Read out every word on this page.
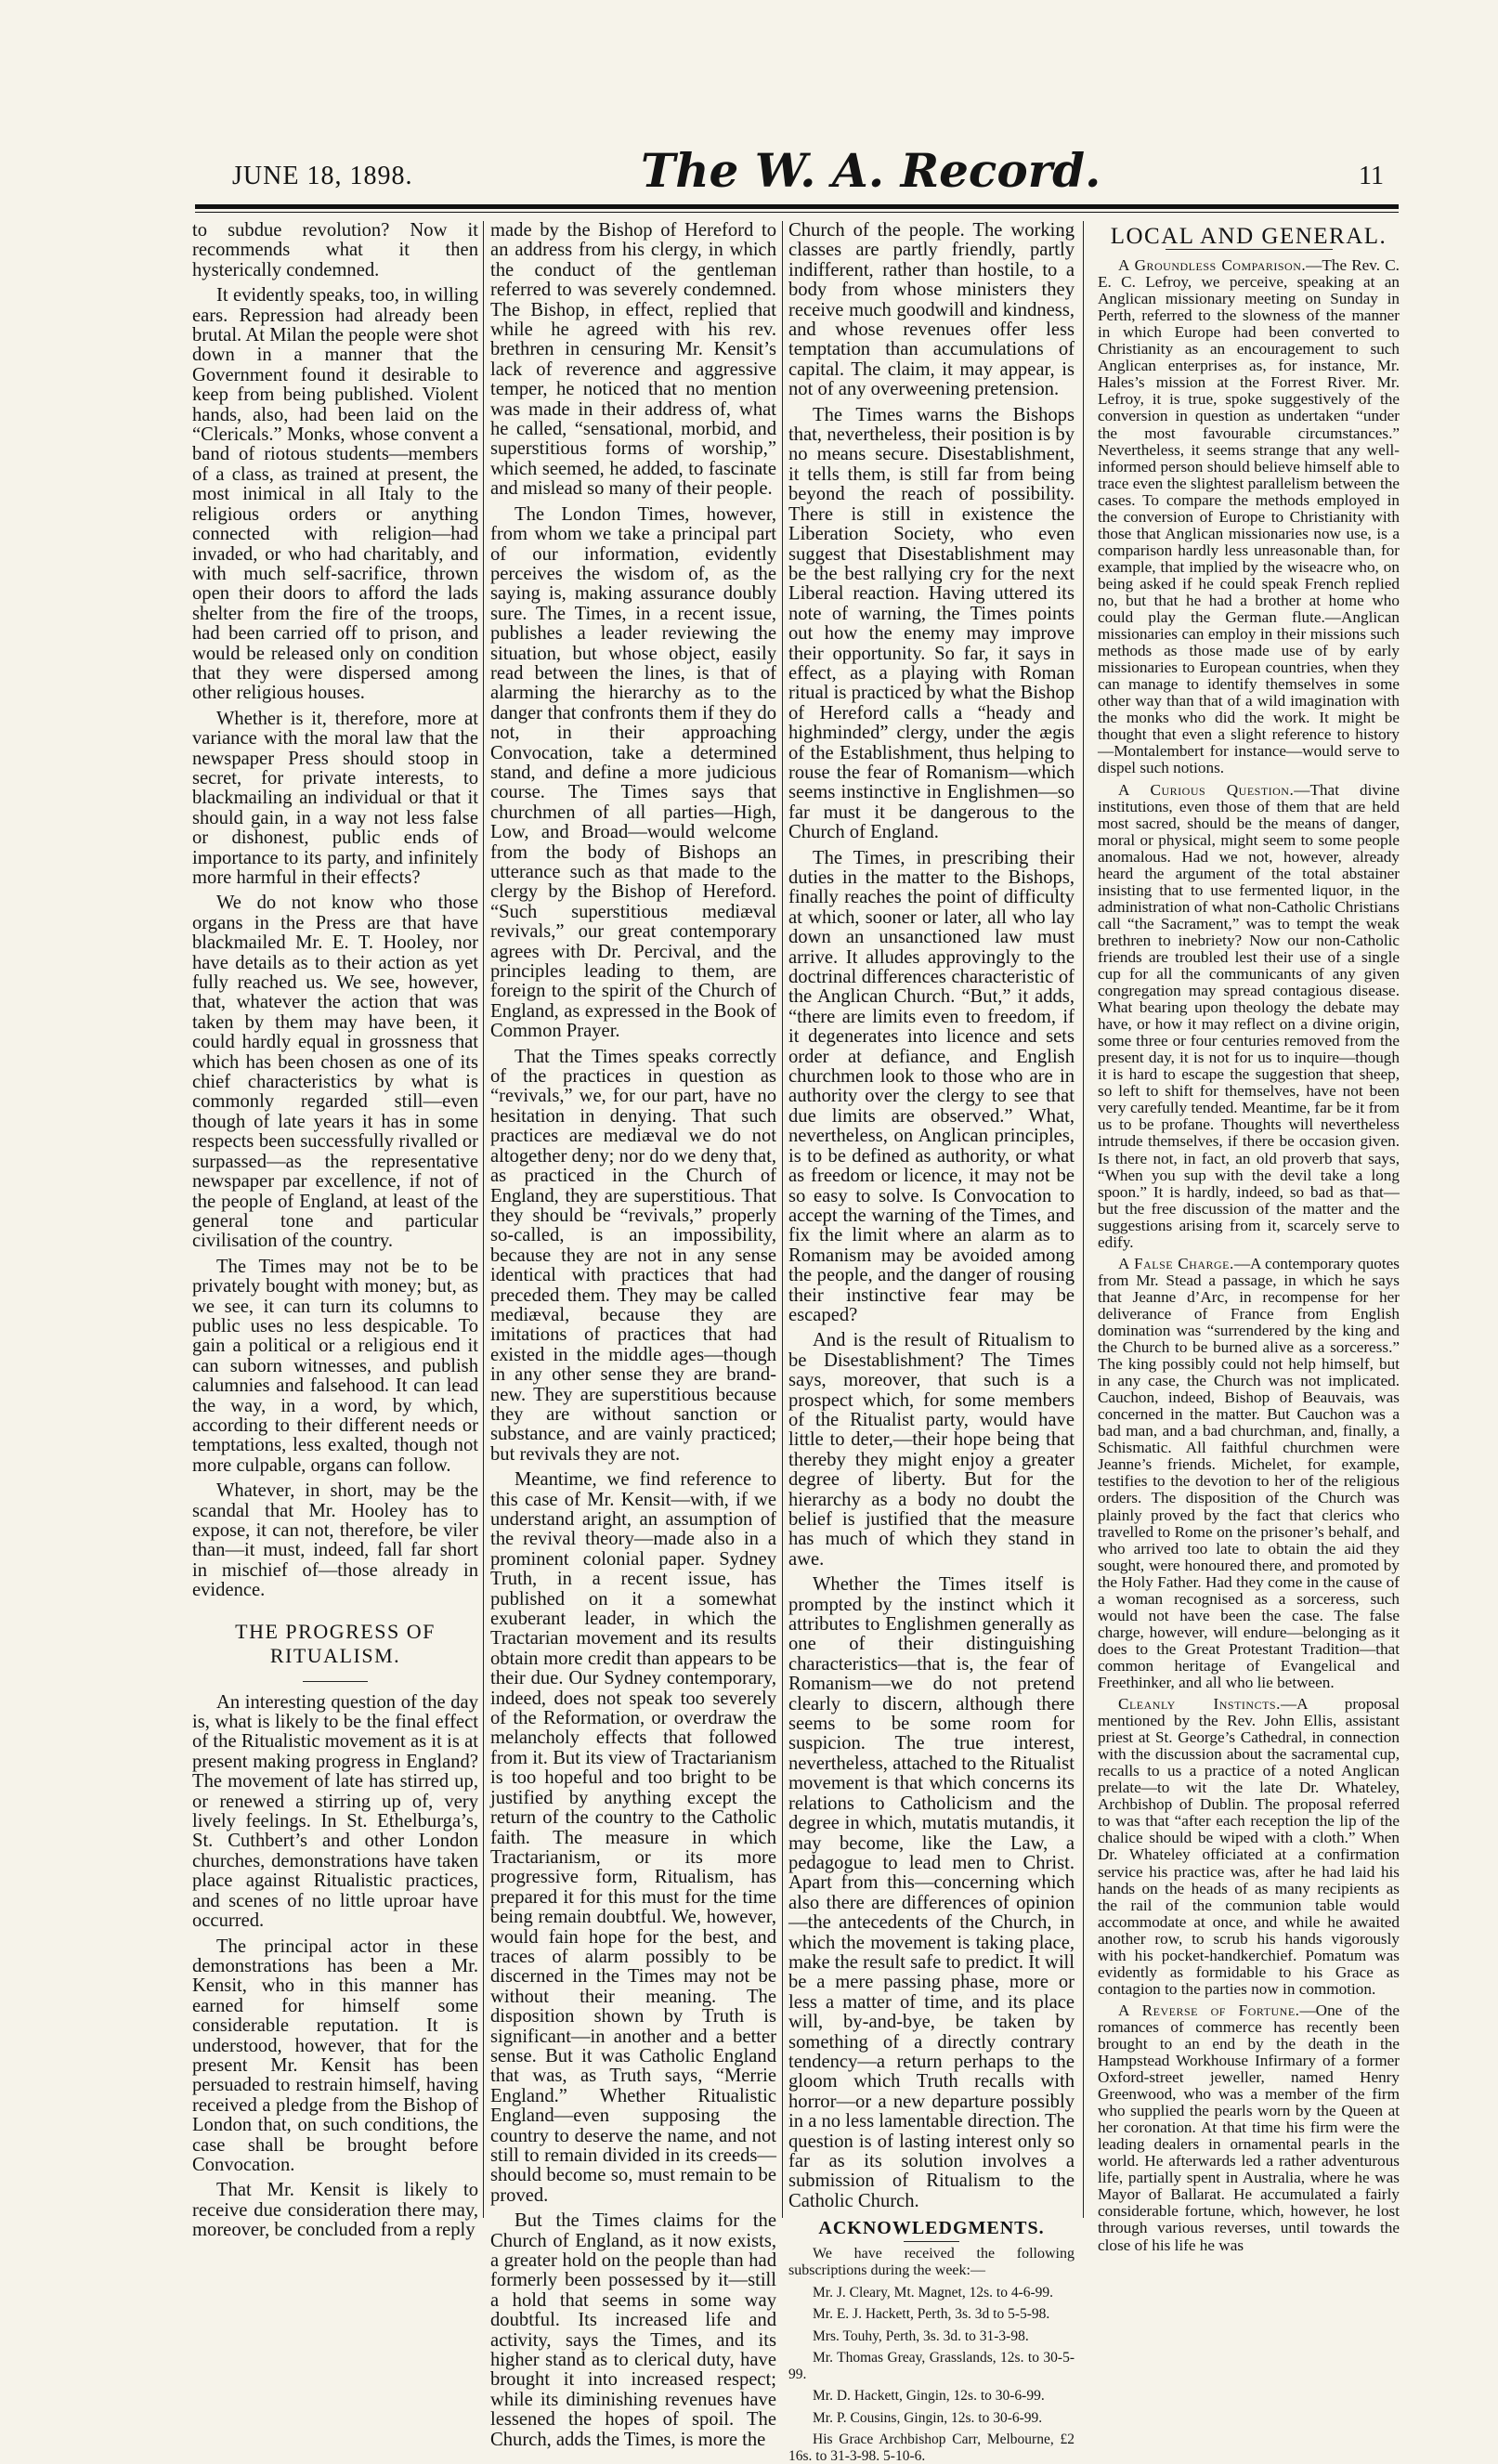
JUNE 18, 1898.	The W. A. Record.	11

to subdue revolution? Now it recommends what it then hysterically condemned.

It evidently speaks, too, in willing ears. Repression had already been brutal. At Milan the people were shot down in a manner that the Government found it desirable to keep from being published. Violent hands, also, had been laid on the “Clericals.” Monks, whose convent a band of riotous students—members of a class, as trained at present, the most inimical in all Italy to the religious orders or anything connected with religion—had invaded, or who had charitably, and with much self-sacrifice, thrown open their doors to afford the lads shelter from the fire of the troops, had been carried off to prison, and would be released only on condition that they were dispersed among other religious houses.

Whether is it, therefore, more at variance with the moral law that the newspaper Press should stoop in secret, for private interests, to blackmailing an individual or that it should gain, in a way not less false or dishonest, public ends of importance to its party, and infinitely more harmful in their effects?

We do not know who those organs in the Press are that have blackmailed Mr. E. T. Hooley, nor have details as to their action as yet fully reached us. We see, however, that, whatever the action that was taken by them may have been, it could hardly equal in grossness that which has been chosen as one of its chief characteristics by what is commonly regarded still—even though of late years it has in some respects been successfully rivalled or surpassed—as the representative newspaper par excellence, if not of the people of England, at least of the general tone and particular civilisation of the country.

The Times may not be to be privately bought with money; but, as we see, it can turn its columns to public uses no less despicable. To gain a political or a religious end it can suborn witnesses, and publish calumnies and falsehood. It can lead the way, in a word, by which, according to their different needs or temptations, less exalted, though not more culpable, organs can follow.

Whatever, in short, may be the scandal that Mr. Hooley has to expose, it can not, therefore, be viler than—it must, indeed, fall far short in mischief of—those already in evidence.

THE PROGRESS OF
RITUALISM.

An interesting question of the day is, what is likely to be the final effect of the Ritualistic movement as it is at present making progress in England? The movement of late has stirred up, or renewed a stirring up of, very lively feelings. In St. Ethelburga’s, St. Cuthbert’s and other London churches, demonstrations have taken place against Ritualistic practices, and scenes of no little uproar have occurred.

The principal actor in these demonstrations has been a Mr. Kensit, who in this manner has earned for himself some considerable reputation. It is understood, however, that for the present Mr. Kensit has been persuaded to restrain himself, having received a pledge from the Bishop of London that, on such conditions, the case shall be brought before Convocation.

That Mr. Kensit is likely to receive due consideration there may, moreover, be concluded from a reply

made by the Bishop of Hereford to an address from his clergy, in which the conduct of the gentleman referred to was severely condemned. The Bishop, in effect, replied that while he agreed with his rev. brethren in censuring Mr. Kensit’s lack of reverence and aggressive temper, he noticed that no mention was made in their address of, what he called, “sensational, morbid, and superstitious forms of worship,” which seemed, he added, to fascinate and mislead so many of their people.

The London Times, however, from whom we take a principal part of our information, evidently perceives the wisdom of, as the saying is, making assurance doubly sure. The Times, in a recent issue, publishes a leader reviewing the situation, but whose object, easily read between the lines, is that of alarming the hierarchy as to the danger that confronts them if they do not, in their approaching Convocation, take a determined stand, and define a more judicious course. The Times says that churchmen of all parties—High, Low, and Broad—would welcome from the body of Bishops an utterance such as that made to the clergy by the Bishop of Hereford. “Such superstitious mediæval revivals,” our great contemporary agrees with Dr. Percival, and the principles leading to them, are foreign to the spirit of the Church of England, as expressed in the Book of Common Prayer.

That the Times speaks correctly of the practices in question as “revivals,” we, for our part, have no hesitation in denying. That such practices are mediæval we do not altogether deny; nor do we deny that, as practiced in the Church of England, they are superstitious. That they should be “revivals,” properly so-called, is an impossibility, because they are not in any sense identical with practices that had preceded them. They may be called mediæval, because they are imitations of practices that had existed in the middle ages—though in any other sense they are brand-new. They are superstitious because they are without sanction or substance, and are vainly practiced; but revivals they are not.

Meantime, we find reference to this case of Mr. Kensit—with, if we understand aright, an assumption of the revival theory—made also in a prominent colonial paper. Sydney Truth, in a recent issue, has published on it a somewhat exuberant leader, in which the Tractarian movement and its results obtain more credit than appears to be their due. Our Sydney contemporary, indeed, does not speak too severely of the Reformation, or overdraw the melancholy effects that followed from it. But its view of Tractarianism is too hopeful and too bright to be justified by anything except the return of the country to the Catholic faith. The measure in which Tractarianism, or its more progressive form, Ritualism, has prepared it for this must for the time being remain doubtful. We, however, would fain hope for the best, and traces of alarm possibly to be discerned in the Times may not be without their meaning. The disposition shown by Truth is significant—in another and a better sense. But it was Catholic England that was, as Truth says, “Merrie England.” Whether Ritualistic England—even supposing the country to deserve the name, and not still to remain divided in its creeds—should become so, must remain to be proved.

But the Times claims for the Church of England, as it now exists, a greater hold on the people than had formerly been possessed by it—still a hold that seems in some way doubtful. Its increased life and activity, says the Times, and its higher stand as to clerical duty, have brought it into increased respect; while its diminishing revenues have lessened the hopes of spoil. The Church, adds the Times, is more the

Church of the people. The working classes are partly friendly, partly indifferent, rather than hostile, to a body from whose ministers they receive much goodwill and kindness, and whose revenues offer less temptation than accumulations of capital. The claim, it may appear, is not of any overweening pretension.

The Times warns the Bishops that, nevertheless, their position is by no means secure. Disestablishment, it tells them, is still far from being beyond the reach of possibility. There is still in existence the Liberation Society, who even suggest that Disestablishment may be the best rallying cry for the next Liberal reaction. Having uttered its note of warning, the Times points out how the enemy may improve their opportunity. So far, it says in effect, as a playing with Roman ritual is practiced by what the Bishop of Hereford calls a “heady and highminded” clergy, under the ægis of the Establishment, thus helping to rouse the fear of Romanism—which seems instinctive in Englishmen—so far must it be dangerous to the Church of England.

The Times, in prescribing their duties in the matter to the Bishops, finally reaches the point of difficulty at which, sooner or later, all who lay down an unsanctioned law must arrive. It alludes approvingly to the doctrinal differences characteristic of the Anglican Church. “But,” it adds, “there are limits even to freedom, if it degenerates into licence and sets order at defiance, and English churchmen look to those who are in authority over the clergy to see that due limits are observed.” What, nevertheless, on Anglican principles, is to be defined as authority, or what as freedom or licence, it may not be so easy to solve. Is Convocation to accept the warning of the Times, and fix the limit where an alarm as to Romanism may be avoided among the people, and the danger of rousing their instinctive fear may be escaped?

And is the result of Ritualism to be Disestablishment? The Times says, moreover, that such is a prospect which, for some members of the Ritualist party, would have little to deter,—their hope being that thereby they might enjoy a greater degree of liberty. But for the hierarchy as a body no doubt the belief is justified that the measure has much of which they stand in awe.

Whether the Times itself is prompted by the instinct which it attributes to Englishmen generally as one of their distinguishing characteristics—that is, the fear of Romanism—we do not pretend clearly to discern, although there seems to be some room for suspicion. The true interest, nevertheless, attached to the Ritualist movement is that which concerns its relations to Catholicism and the degree in which, mutatis mutandis, it may become, like the Law, a pedagogue to lead men to Christ. Apart from this—concerning which also there are differences of opinion—the antecedents of the Church, in which the movement is taking place, make the result safe to predict. It will be a mere passing phase, more or less a matter of time, and its place will, by-and-bye, be taken by something of a directly contrary tendency—a return perhaps to the gloom which Truth recalls with horror—or a new departure possibly in a no less lamentable direction. The question is of lasting interest only so far as its solution involves a submission of Ritualism to the Catholic Church.

ACKNOWLEDGMENTS.

We have received the following subscriptions during the week:—

Mr. J. Cleary, Mt. Magnet, 12s. to 4-6-99.

Mr. E. J. Hackett, Perth, 3s. 3d to 5-5-98.

Mrs. Touhy, Perth, 3s. 3d. to 31-3-98.

Mr. Thomas Greay, Grasslands, 12s. to 30-5-99.

Mr. D. Hackett, Gingin, 12s. to 30-6-99.

Mr. P. Cousins, Gingin, 12s. to 30-6-99.

His Grace Archbishop Carr, Melbourne, £2 16s. to 31-3-98. 5-10-6.

LOCAL AND GENERAL.

A Groundless Comparison.—The Rev. C. E. C. Lefroy, we perceive, speaking at an Anglican missionary meeting on Sunday in Perth, referred to the slowness of the manner in which Europe had been converted to Christianity as an encouragement to such Anglican enterprises as, for instance, Mr. Hales’s mission at the Forrest River. Mr. Lefroy, it is true, spoke suggestively of the conversion in question as undertaken “under the most favourable circumstances.” Nevertheless, it seems strange that any well-informed person should believe himself able to trace even the slightest parallelism between the cases. To compare the methods employed in the conversion of Europe to Christianity with those that Anglican missionaries now use, is a comparison hardly less unreasonable than, for example, that implied by the wiseacre who, on being asked if he could speak French replied no, but that he had a brother at home who could play the German flute.—Anglican missionaries can employ in their missions such methods as those made use of by early missionaries to European countries, when they can manage to identify themselves in some other way than that of a wild imagination with the monks who did the work. It might be thought that even a slight reference to history—Montalembert for instance—would serve to dispel such notions.

A Curious Question.—That divine institutions, even those of them that are held most sacred, should be the means of danger, moral or physical, might seem to some people anomalous. Had we not, however, already heard the argument of the total abstainer insisting that to use fermented liquor, in the administration of what non-Catholic Christians call “the Sacrament,” was to tempt the weak brethren to inebriety? Now our non-Catholic friends are troubled lest their use of a single cup for all the communicants of any given congregation may spread contagious disease. What bearing upon theology the debate may have, or how it may reflect on a divine origin, some three or four centuries removed from the present day, it is not for us to inquire—though it is hard to escape the suggestion that sheep, so left to shift for themselves, have not been very carefully tended. Meantime, far be it from us to be profane. Thoughts will nevertheless intrude themselves, if there be occasion given. Is there not, in fact, an old proverb that says, “When you sup with the devil take a long spoon.” It is hardly, indeed, so bad as that—but the free discussion of the matter and the suggestions arising from it, scarcely serve to edify.

A False Charge.—A contemporary quotes from Mr. Stead a passage, in which he says that Jeanne d’Arc, in recompense for her deliverance of France from English domination was “surrendered by the king and the Church to be burned alive as a sorceress.” The king possibly could not help himself, but in any case, the Church was not implicated. Cauchon, indeed, Bishop of Beauvais, was concerned in the matter. But Cauchon was a bad man, and a bad churchman, and, finally, a Schismatic. All faithful churchmen were Jeanne’s friends. Michelet, for example, testifies to the devotion to her of the religious orders. The disposition of the Church was plainly proved by the fact that clerics who travelled to Rome on the prisoner’s behalf, and who arrived too late to obtain the aid they sought, were honoured there, and promoted by the Holy Father. Had they come in the cause of a woman recognised as a sorceress, such would not have been the case. The false charge, however, will endure—belonging as it does to the Great Protestant Tradition—that common heritage of Evangelical and Freethinker, and all who lie between.

Cleanly Instincts.—A proposal mentioned by the Rev. John Ellis, assistant priest at St. George’s Cathedral, in connection with the discussion about the sacramental cup, recalls to us a practice of a noted Anglican prelate—to wit the late Dr. Whateley, Archbishop of Dublin. The proposal referred to was that “after each reception the lip of the chalice should be wiped with a cloth.” When Dr. Whateley officiated at a confirmation service his practice was, after he had laid his hands on the heads of as many recipients as the rail of the communion table would accommodate at once, and while he awaited another row, to scrub his hands vigorously with his pocket-handkerchief. Pomatum was evidently as formidable to his Grace as contagion to the parties now in commotion.

A Reverse of Fortune.—One of the romances of commerce has recently been brought to an end by the death in the Hampstead Workhouse Infirmary of a former Oxford-street jeweller, named Henry Greenwood, who was a member of the firm who supplied the pearls worn by the Queen at her coronation. At that time his firm were the leading dealers in ornamental pearls in the world. He afterwards led a rather adventurous life, partially spent in Australia, where he was Mayor of Ballarat. He accumulated a fairly considerable fortune, which, however, he lost through various reverses, until towards the close of his life he was
